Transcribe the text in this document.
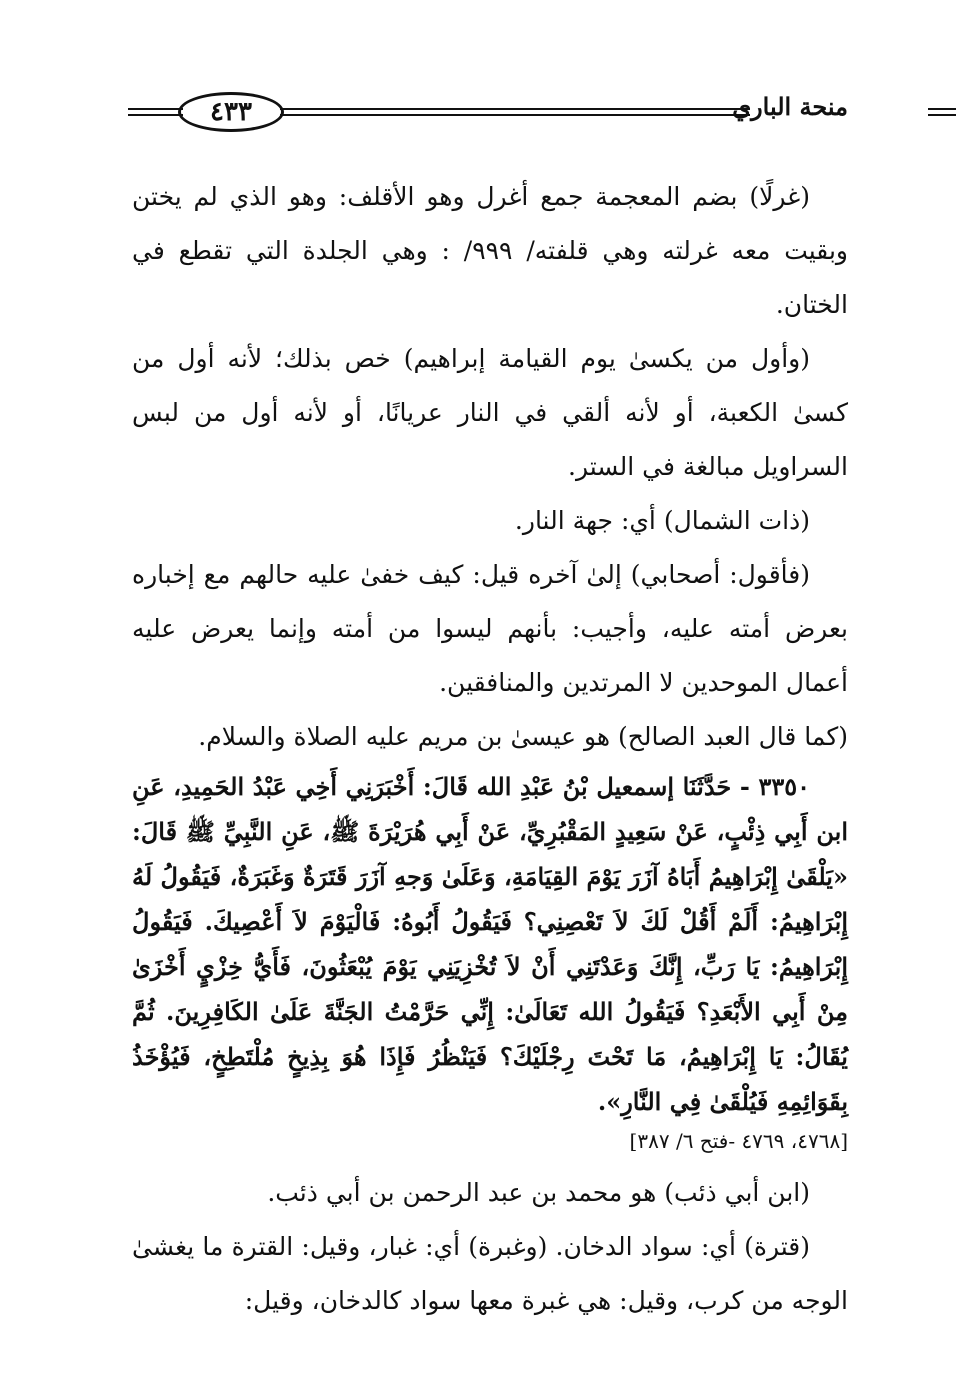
٤٣٣	منحة الباري

(غرلًا) بضم المعجمة جمع أغرل وهو الأقلف: وهو الذي لم يختن وبقيت معه غرلته وهي قلفته/ ٩٩٩/ : وهي الجلدة التي تقطع في الختان.

(وأول من يكسىٰ يوم القيامة إبراهيم) خص بذلك؛ لأنه أول من كسىٰ الكعبة، أو لأنه ألقي في النار عريانًا، أو لأنه أول من لبس السراويل مبالغة في الستر.

(ذات الشمال) أي: جهة النار.

(فأقول: أصحابي) إلىٰ آخره قيل: كيف خفىٰ عليه حالهم مع إخباره بعرض أمته عليه، وأجيب: بأنهم ليسوا من أمته وإنما يعرض عليه أعمال الموحدين لا المرتدين والمنافقين.

(كما قال العبد الصالح) هو عيسىٰ بن مريم عليه الصلاة والسلام.

٣٣٥٠ - حَدَّثَنَا إسمعيل بْنُ عَبْدِ الله قَالَ: أَخْبَرَنِي أَخِي عَبْدُ الحَمِيدِ، عَنِ ابن أَبِي ذِئْبٍ، عَنْ سَعِيدٍ المَقْبُرِيِّ، عَنْ أَبِي هُرَيْرَةَ ﷺ، عَنِ النَّبِيِّ ﷺ قَالَ: «يَلْقَىٰ إِبْرَاهِيمُ أَبَاهُ آزَرَ يَوْمَ القِيَامَةِ، وَعَلَىٰ وَجهِ آزَرَ قَتَرَةٌ وَغَبَرَةٌ، فَيَقُولُ لَهُ إِبْرَاهِيمُ: أَلَمْ أَقُلْ لَكَ لاَ تَعْصِنِي؟ فَيَقُولُ أَبُوهُ: فَالْيَوْمَ لاَ أَعْصِيكَ. فَيَقُولُ إِبْرَاهِيمُ: يَا رَبِّ، إِنَّكَ وَعَدْتَنِي أَنْ لاَ تُخْزِيَنِي يَوْمَ يُبْعَثُونَ، فَأَيُّ خِزْيٍ أَخْزَىٰ مِنْ أَبِي الأَبْعَدِ؟ فَيَقُولُ الله تَعَالَىٰ: إِنِّي حَرَّمْتُ الجَنَّةَ عَلَىٰ الكَافِرِينَ. ثُمَّ يُقَالُ: يَا إِبْرَاهِيمُ، مَا تَحْتَ رِجْلَيْكَ؟ فَيَنْظُرُ فَإِذَا هُوَ بِذِيخٍ مُلْتَطِخٍ، فَيُؤْخَذُ بِقَوَائِمِهِ فَيُلْقَىٰ فِي النَّارِ».

[٤٧٦٨، ٤٧٦٩ -فتح ٦/ ٣٨٧]

(ابن أبي ذئب) هو محمد بن عبد الرحمن بن أبي ذئب.

(قترة) أي: سواد الدخان. (وغبرة) أي: غبار، وقيل: القترة ما يغشىٰ الوجه من كرب، وقيل: هي غبرة معها سواد كالدخان، وقيل:
